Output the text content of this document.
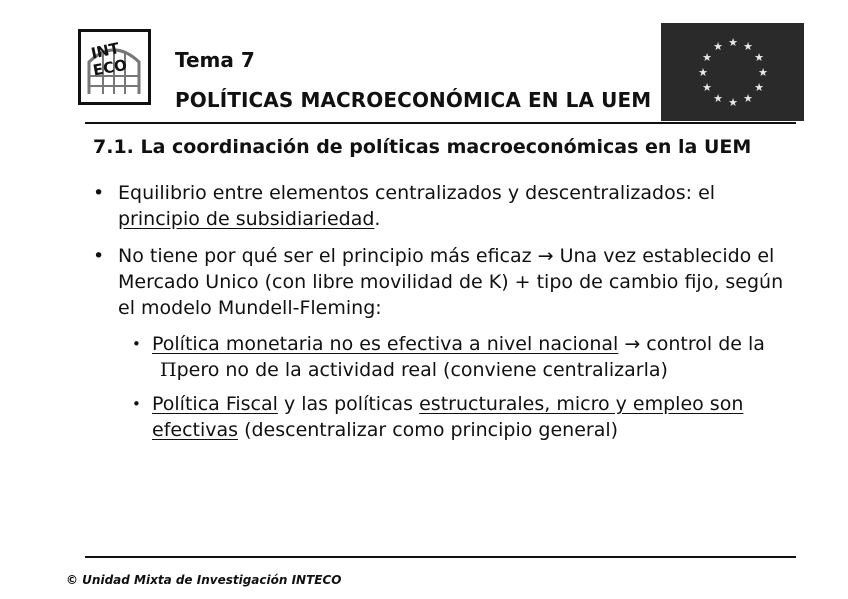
INT
ECO Tema 7
POLÍTICAS MACROECONÓMICA EN LA UEM
★ ★
★
★
★
★
★
★
★
★
★
★
7.1. La coordinación de políticas macroeconómicas en la UEM
• Equilibrio entre elementos centralizados y descentralizados: el principio de subsidiariedad.
• No tiene por qué ser el principio más eficaz → Una vez establecido el Mercado Unico (con libre movilidad de K) + tipo de cambio fijo, según el modelo Mundell-Fleming:
• Política monetaria no es efectiva a nivel nacional → control de la
Πpero no de la actividad real (conviene centralizarla)
• Política Fiscal y las políticas estructurales, micro y empleo son efectivas (descentralizar como principio general)
© Unidad Mixta de Investigación INTECO
